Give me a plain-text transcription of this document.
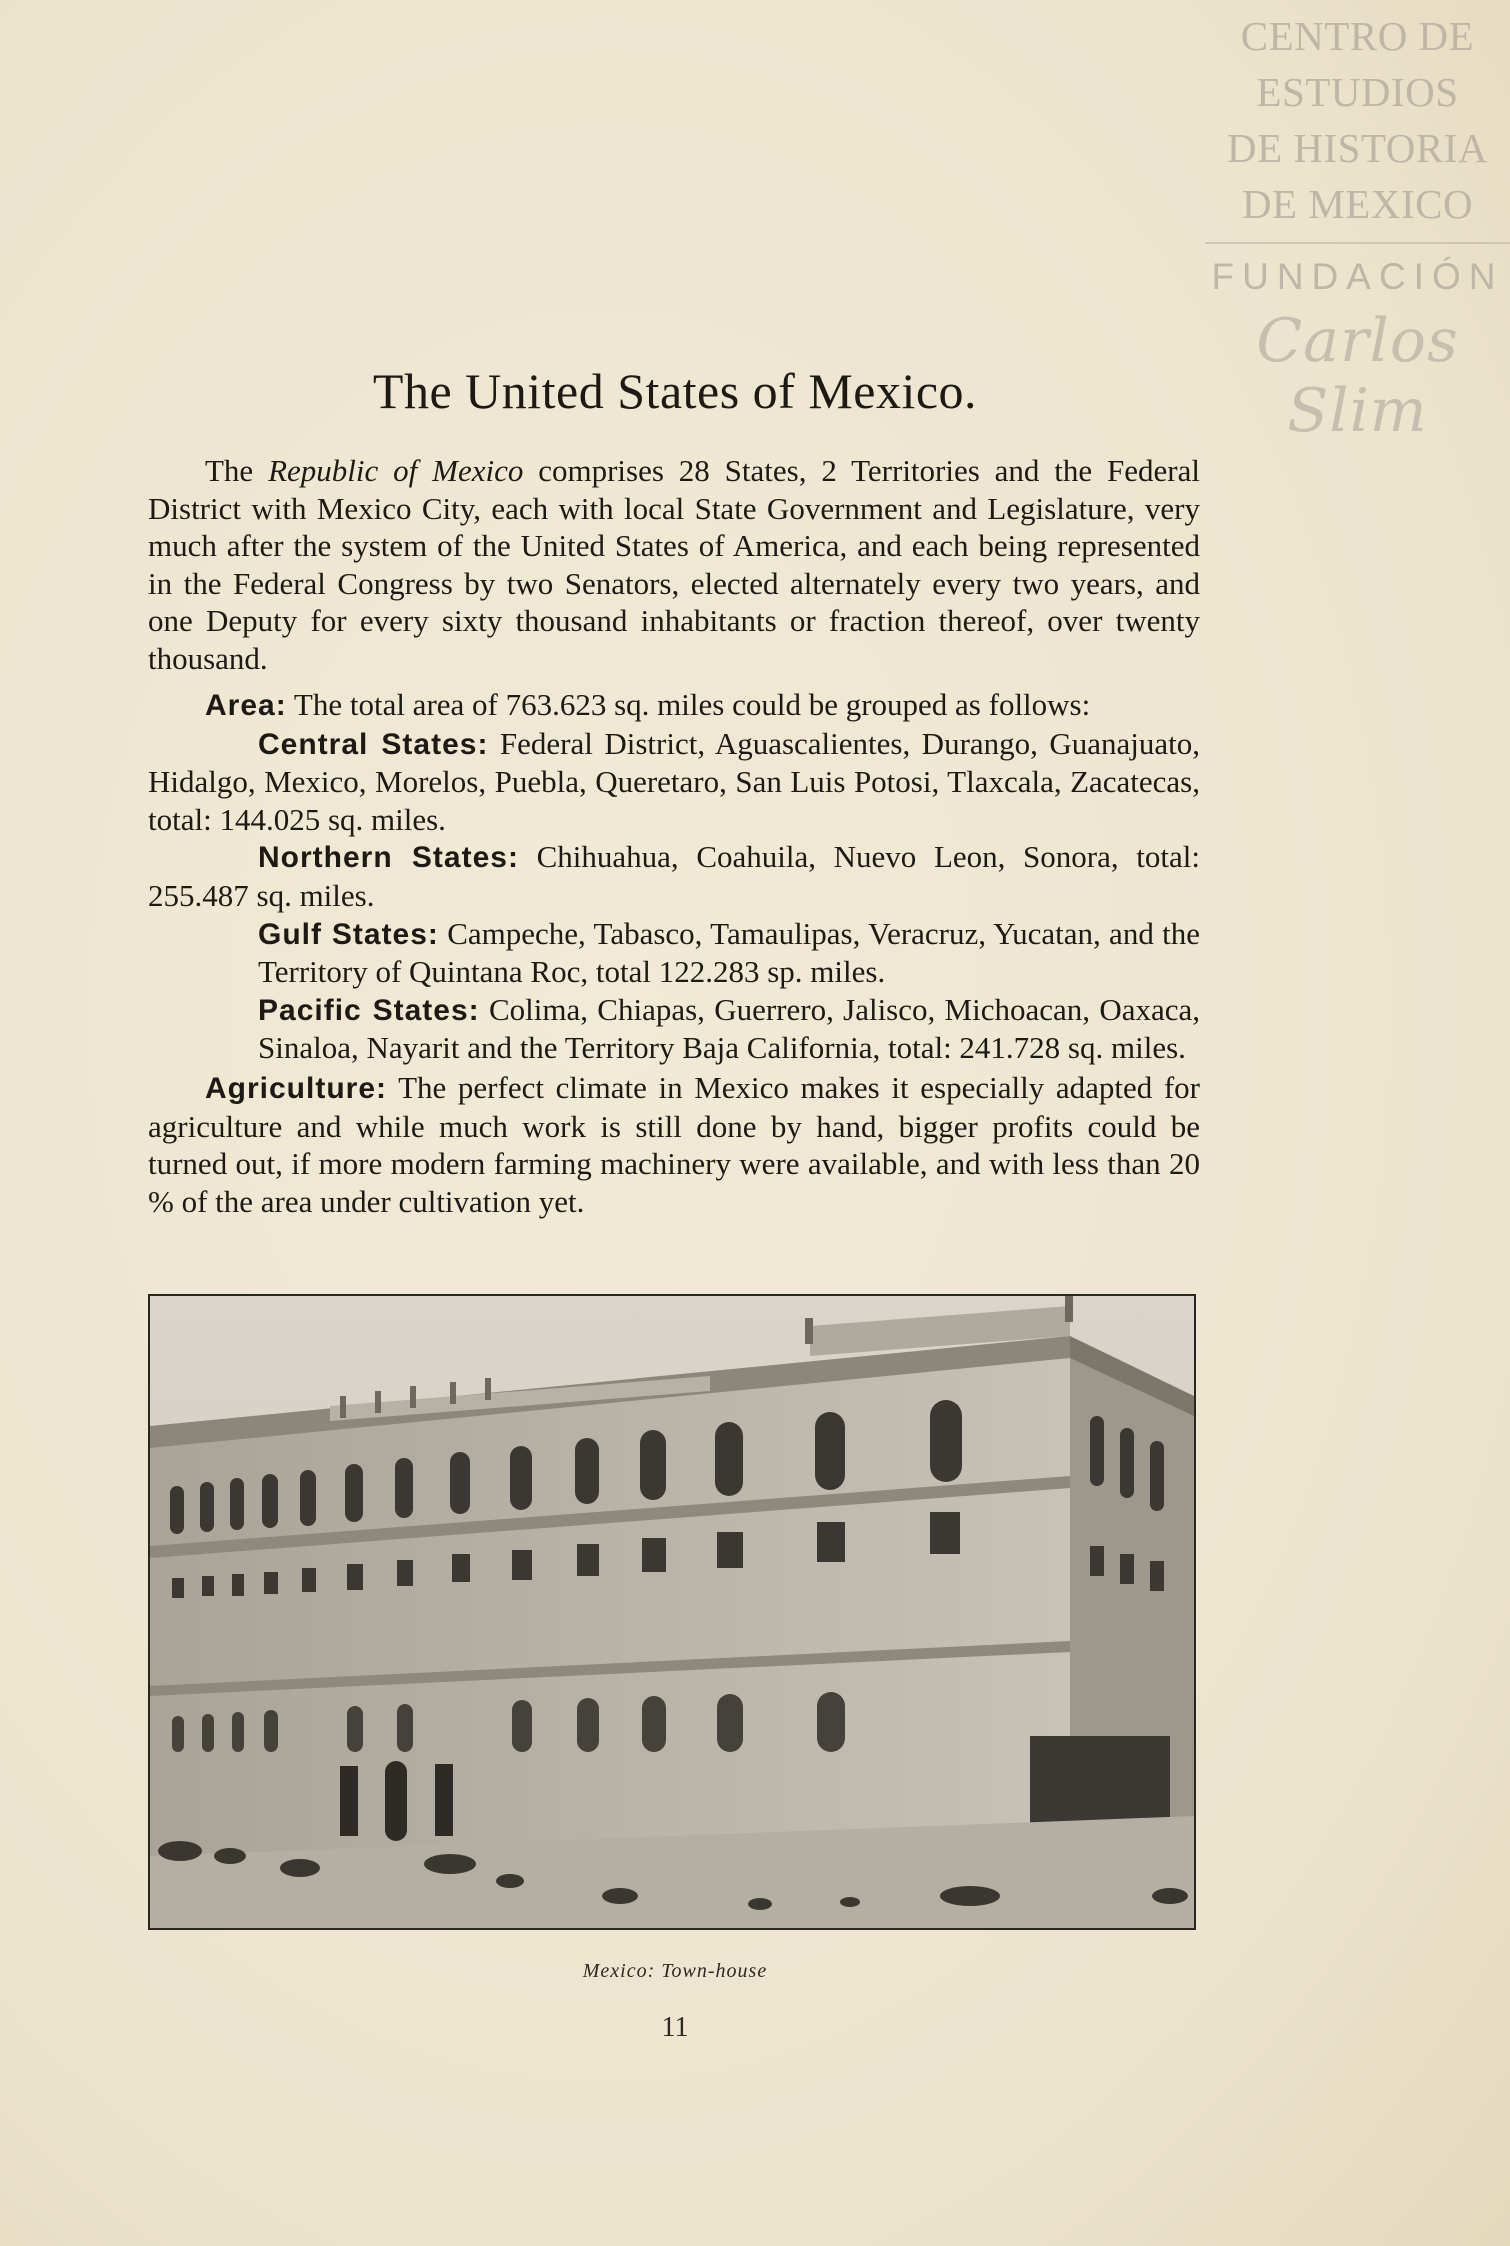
CENTRO DE
ESTUDIOS
DE HISTORIA
DE MEXICO
FUNDACIÓN
Carlos Slim
The United States of Mexico.

The Republic of Mexico comprises 28 States, 2 Territories and the Federal District with Mexico City, each with local State Government and Legislature, very much after the system of the United States of America, and each being represented in the Federal Congress by two Senators, elected alternately every two years, and one Deputy for every sixty thousand inhabitants or fraction thereof, over twenty thousand.

Area: The total area of 763.623 sq. miles could be grouped as follows:

Central States: Federal District, Aguascalientes, Durango, Guanajuato, Hidalgo, Mexico, Morelos, Puebla, Queretaro, San Luis Potosi, Tlaxcala, Zacatecas, total: 144.025 sq. miles.

Northern States: Chihuahua, Coahuila, Nuevo Leon, Sonora, total: 255.487 sq. miles.

Gulf States: Campeche, Tabasco, Tamaulipas, Veracruz, Yucatan, and the Territory of Quintana Roc, total 122.283 sp. miles.

Pacific States: Colima, Chiapas, Guerrero, Jalisco, Michoacan, Oaxaca, Sinaloa, Nayarit and the Territory Baja California, total: 241.728 sq. miles.

Agriculture: The perfect climate in Mexico makes it especially adapted for agriculture and while much work is still done by hand, bigger profits could be turned out, if more modern farming machinery were available, and with less than 20 % of the area under cultivation yet.

Mexico: Town-house
11
